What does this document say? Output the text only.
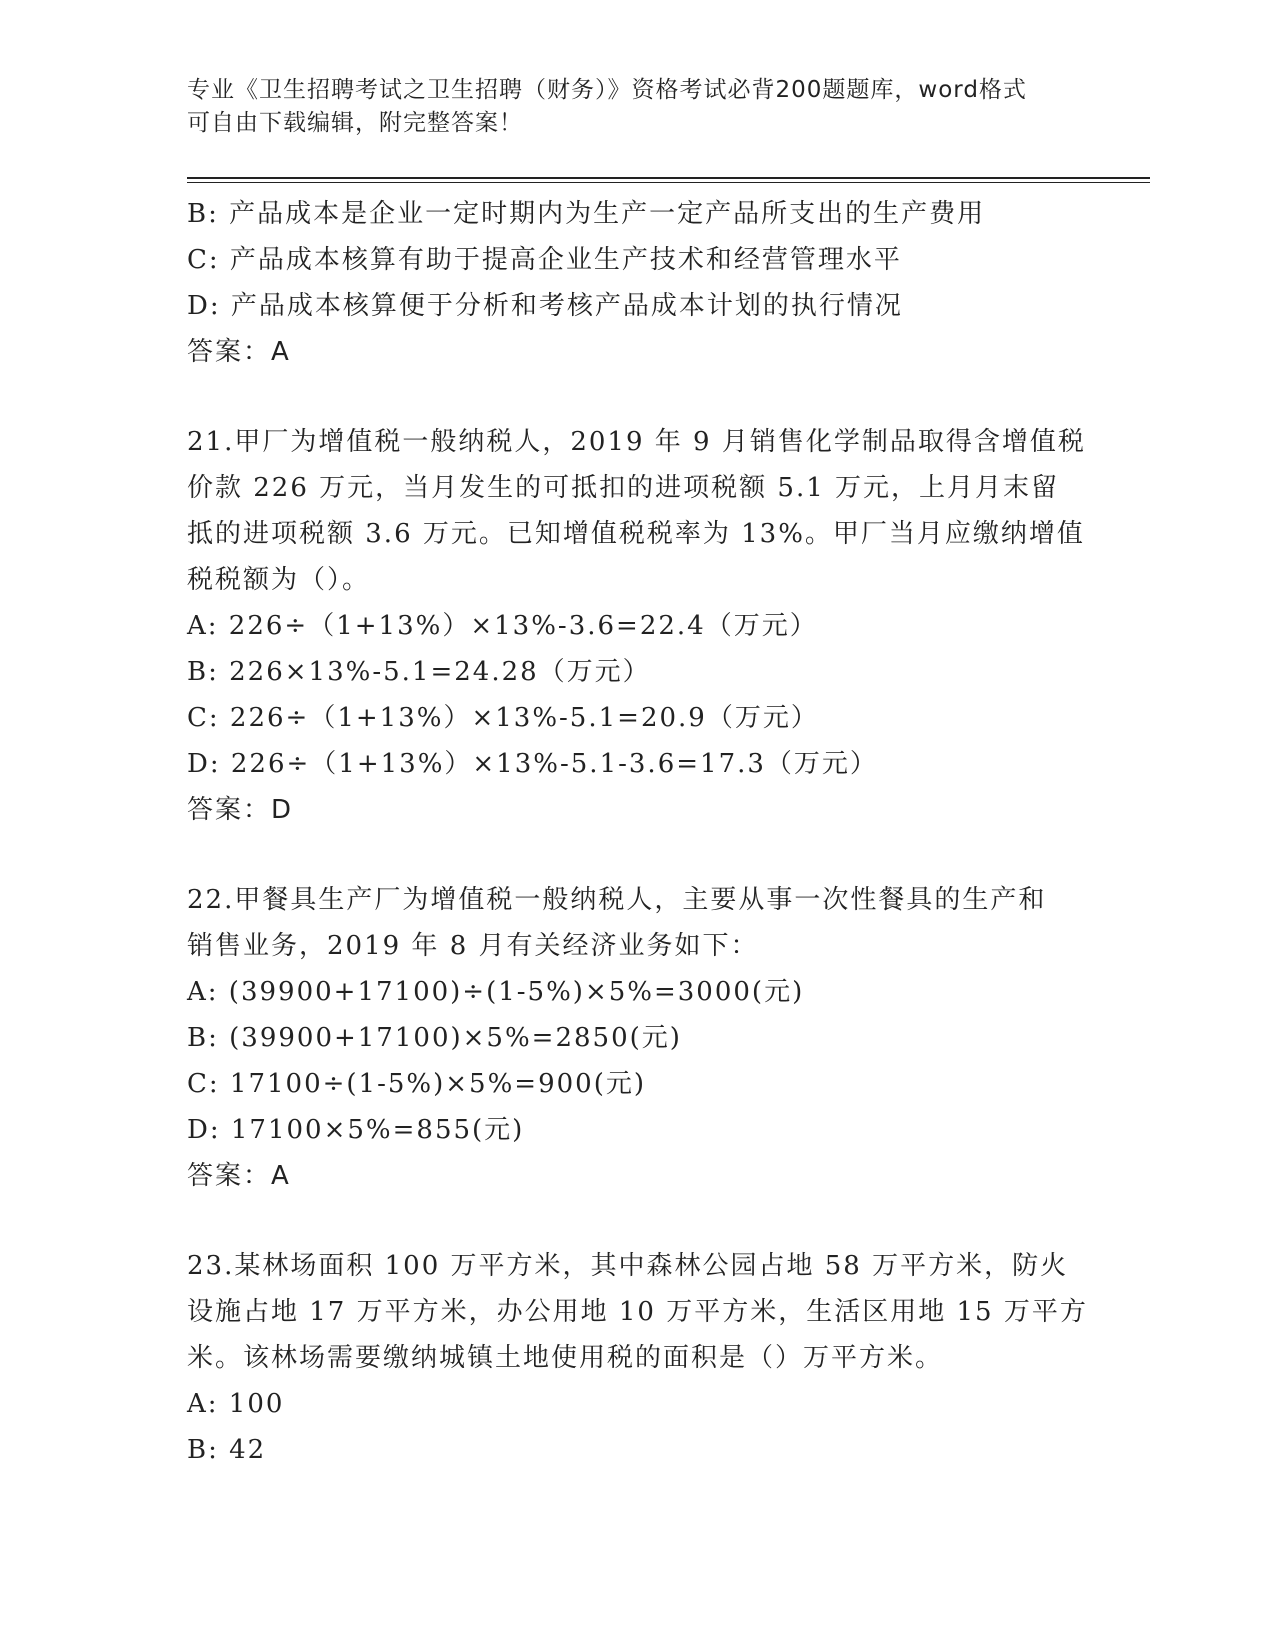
专业《卫生招聘考试之卫生招聘（财务）》资格考试必背200题题库，word格式
可自由下载编辑，附完整答案！
B: 产品成本是企业一定时期内为生产一定产品所支出的生产费用
C: 产品成本核算有助于提高企业生产技术和经营管理水平
D: 产品成本核算便于分析和考核产品成本计划的执行情况
答案：A
21.甲厂为增值税一般纳税人，2019 年 9 月销售化学制品取得含增值税
价款 226 万元，当月发生的可抵扣的进项税额 5.1 万元，上月月末留
抵的进项税额 3.6 万元。已知增值税税率为 13%。甲厂当月应缴纳增值
税税额为（）。
A: 226÷（1+13%）×13%-3.6=22.4（万元）
B: 226×13%-5.1=24.28（万元）
C: 226÷（1+13%）×13%-5.1=20.9（万元）
D: 226÷（1+13%）×13%-5.1-3.6=17.3（万元）
答案：D
22.甲餐具生产厂为增值税一般纳税人，主要从事一次性餐具的生产和
销售业务，2019 年 8 月有关经济业务如下：
A: (39900+17100)÷(1-5%)×5%=3000(元)
B: (39900+17100)×5%=2850(元)
C: 17100÷(1-5%)×5%=900(元)
D: 17100×5%=855(元)
答案：A
23.某林场面积 100 万平方米，其中森林公园占地 58 万平方米，防火
设施占地 17 万平方米，办公用地 10 万平方米，生活区用地 15 万平方
米。该林场需要缴纳城镇土地使用税的面积是（）万平方米。
A: 100
B: 42
